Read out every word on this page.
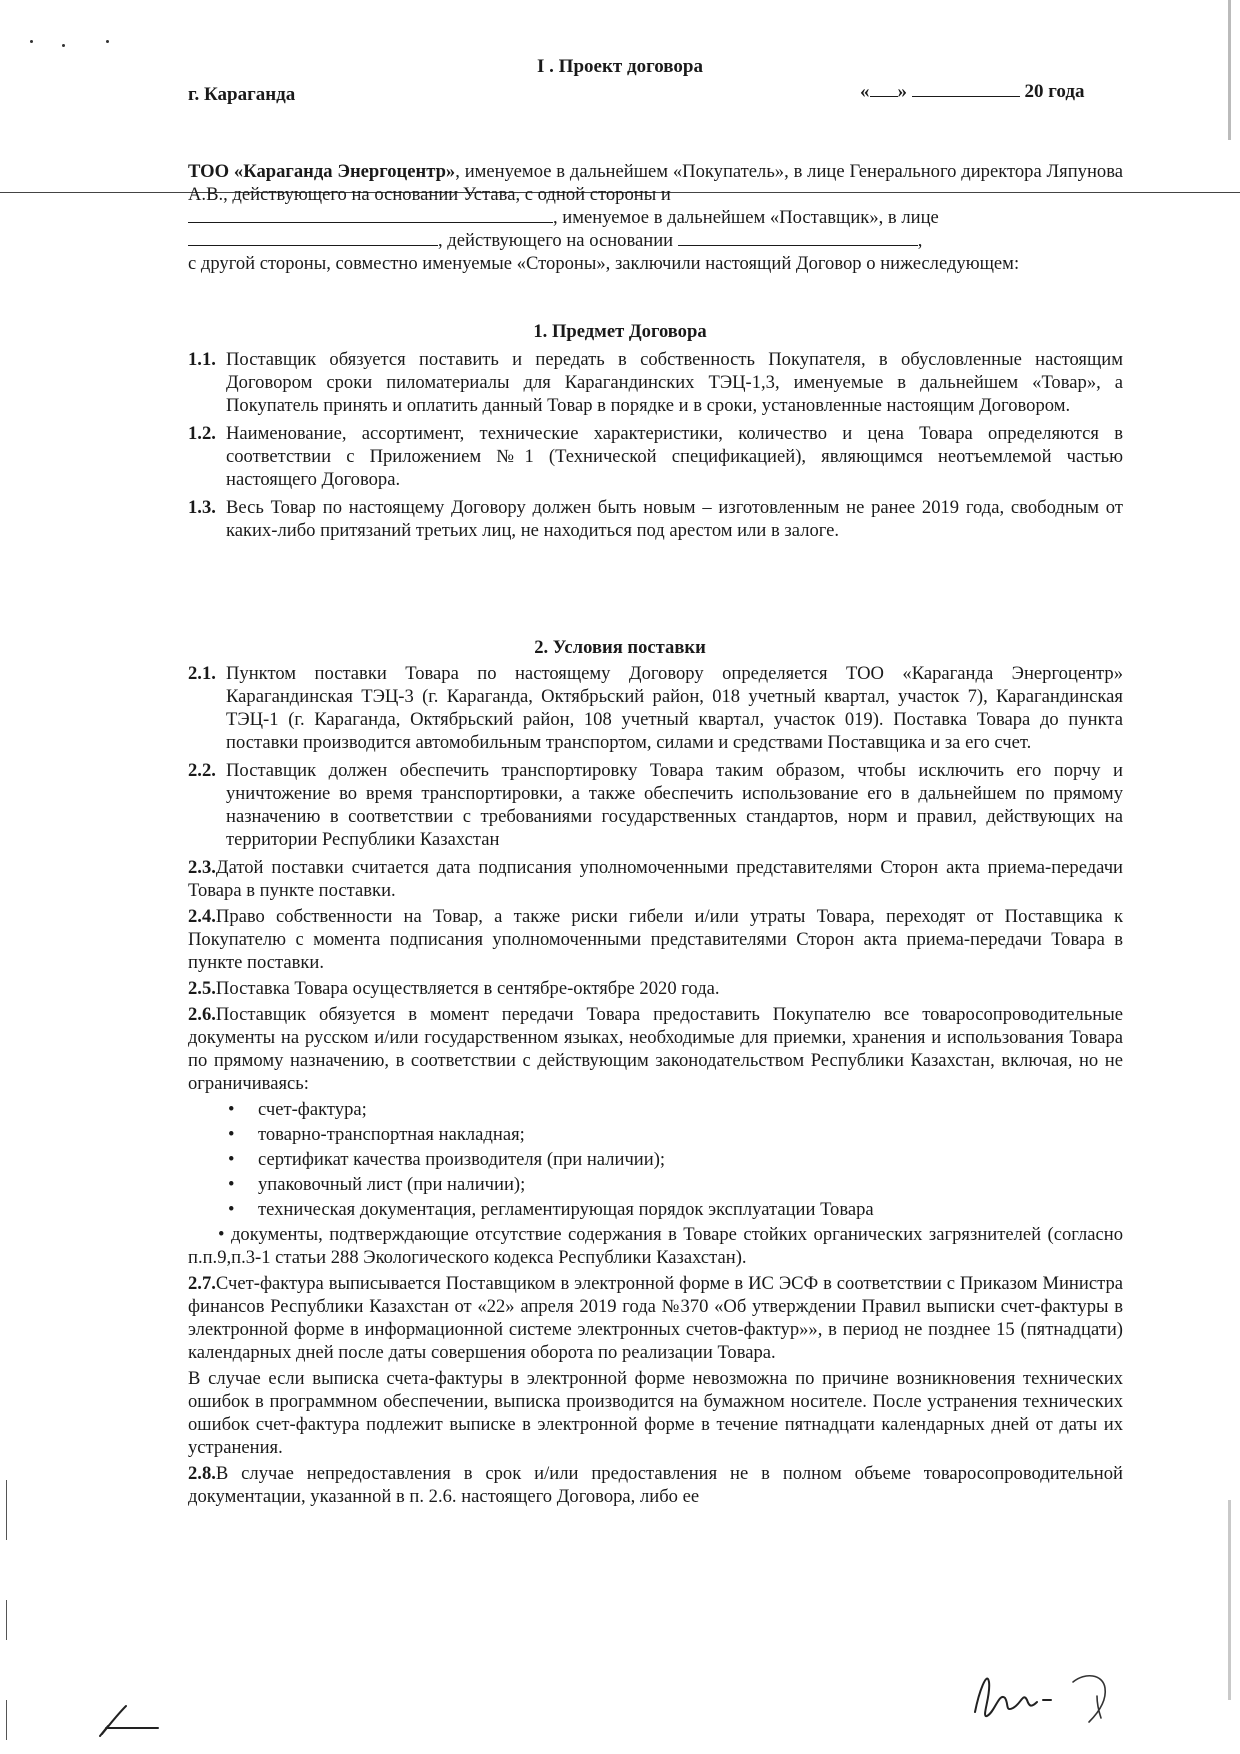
I . Проект договора
г. Караганда	« »	20 года

ТОО «Караганда Энергоцентр», именуемое в дальнейшем «Покупатель», в лице Генерального директора Ляпунова А.В., действующего на основании Устава, с одной стороны и

, именуемое в дальнейшем «Поставщик», в лице

, действующего на основании	,

с другой стороны, совместно именуемые «Стороны», заключили настоящий Договор о нижеследующем:

1. Предмет Договора
1.1. Поставщик обязуется поставить и передать в собственность Покупателя, в обусловленные настоящим Договором сроки пиломатериалы для Карагандинских ТЭЦ-1,3, именуемые в дальнейшем «Товар», а Покупатель принять и оплатить данный Товар в порядке и в сроки, установленные настоящим Договором.
1.2. Наименование, ассортимент, технические характеристики, количество и цена Товара определяются в соответствии с Приложением №1 (Технической спецификацией), являющимся неотъемлемой частью настоящего Договора.
1.3. Весь Товар по настоящему Договору должен быть новым – изготовленным не ранее 2019 года, свободным от каких-либо притязаний третьих лиц, не находиться под арестом или в залоге.
2. Условия поставки
2.1. Пунктом поставки Товара по настоящему Договору определяется ТОО «Караганда Энергоцентр» Карагандинская ТЭЦ-3 (г. Караганда, Октябрьский район, 018 учетный квартал, участок 7), Карагандинская ТЭЦ-1 (г. Караганда, Октябрьский район, 108 учетный квартал, участок 019). Поставка Товара до пункта поставки производится автомобильным транспортом, силами и средствами Поставщика и за его счет.
2.2. Поставщик должен обеспечить транспортировку Товара таким образом, чтобы исключить его порчу и уничтожение во время транспортировки, а также обеспечить использование его в дальнейшем по прямому назначению в соответствии с требованиями государственных стандартов, норм и правил, действующих на территории Республики Казахстан

2.3.Датой поставки считается дата подписания уполномоченными представителями Сторон акта приема-передачи Товара в пункте поставки.

2.4.Право собственности на Товар, а также риски гибели и/или утраты Товара, переходят от Поставщика к Покупателю с момента подписания уполномоченными представителями Сторон акта приема-передачи Товара в пункте поставки.

2.5.Поставка Товара осуществляется в сентябре-октябре 2020 года.

2.6.Поставщик обязуется в момент передачи Товара предоставить Покупателю все товаросопроводительные документы на русском и/или государственном языках, необходимые для приемки, хранения и использования Товара по прямому назначению, в соответствии с действующим законодательством Республики Казахстан, включая, но не ограничиваясь:

• счет-фактура;
• товарно-транспортная накладная;
• сертификат качества производителя (при наличии);
• упаковочный лист (при наличии);
• техническая документация, регламентирующая порядок эксплуатации Товара

• документы, подтверждающие отсутствие содержания в Товаре стойких органических загрязнителей (согласно п.п.9,п.3-1 статьи 288 Экологического кодекса Республики Казахстан).

2.7.Счет-фактура выписывается Поставщиком в электронной форме в ИС ЭСФ в соответствии с Приказом Министра финансов Республики Казахстан от «22» апреля 2019 года №370 «Об утверждении Правил выписки счет-фактуры в электронной форме в информационной системе электронных счетов-фактур»», в период не позднее 15 (пятнадцати) календарных дней после даты совершения оборота по реализации Товара.

В случае если выписка счета-фактуры в электронной форме невозможна по причине возникновения технических ошибок в программном обеспечении, выписка производится на бумажном носителе. После устранения технических ошибок счет-фактура подлежит выписке в электронной форме в течение пятнадцати календарных дней от даты их устранения.

2.8.В случае непредоставления в срок и/или предоставления не в полном объеме товаросопроводительной документации, указанной в п. 2.6. настоящего Договора, либо ее
